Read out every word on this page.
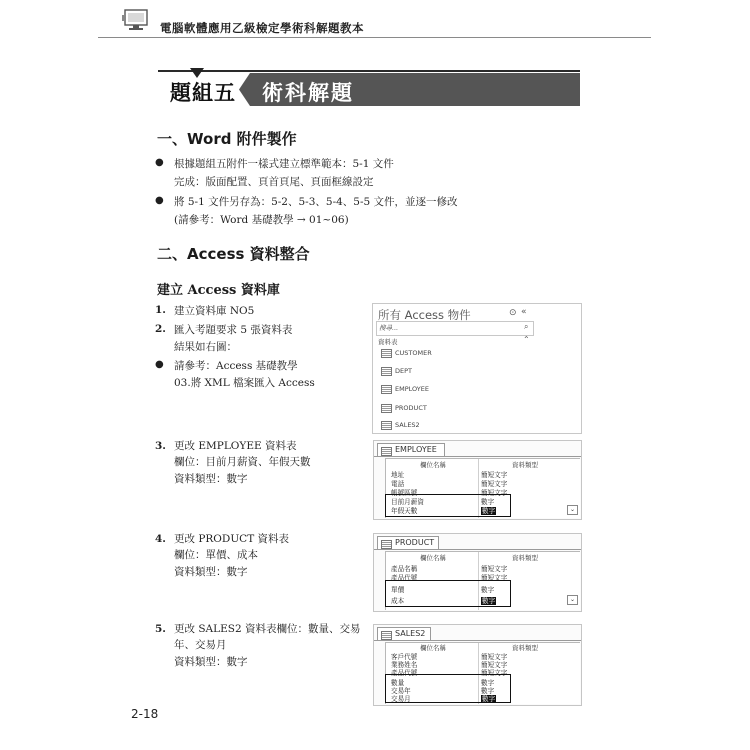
電腦軟體應用乙級檢定學術科解題教本
題組五 術科解題
一、Word 附件製作
● 根據題組五附件一樣式建立標準範本：5-1 文件
完成：版面配置、頁首頁尾、頁面框線設定
● 將 5-1 文件另存為：5-2、5-3、5-4、5-5 文件，並逐一修改
(請參考：Word 基礎教學 → 01~06)
二、Access 資料整合
建立 Access 資料庫
1. 建立資料庫 NO5
2. 匯入考題要求 5 張資料表
結果如右圖：
● 請參考：Access 基礎教學
03.將 XML 檔案匯入 Access
3. 更改 EMPLOYEE 資料表
欄位：目前月薪資、年假天數
資料類型：數字
4. 更改 PRODUCT 資料表
欄位：單價、成本
資料類型：數字
5. 更改 SALES2 資料表欄位：數量、交易
年、交易月
資料類型：數字
所有 Access 物件	⊙ «
搜尋...	⌕
資料表	⌃
CUSTOMER
DEPT
EMPLOYEE
PRODUCT
SALES2
EMPLOYEE
欄位名稱	資料類型
地址	簡短文字
電話	簡短文字
帳號區號	簡短文字
目前月薪資	數字
年假天數	數字	⌄
PRODUCT
欄位名稱	資料類型
產品名稱	簡短文字
產品代號	簡短文字
單價	數字
成本	數字	⌄
SALES2
欄位名稱	資料類型
客戶代號	簡短文字
業務姓名	簡短文字
產品代號	簡短文字
數量	數字
交易年	數字
交易月	數字
2-18
